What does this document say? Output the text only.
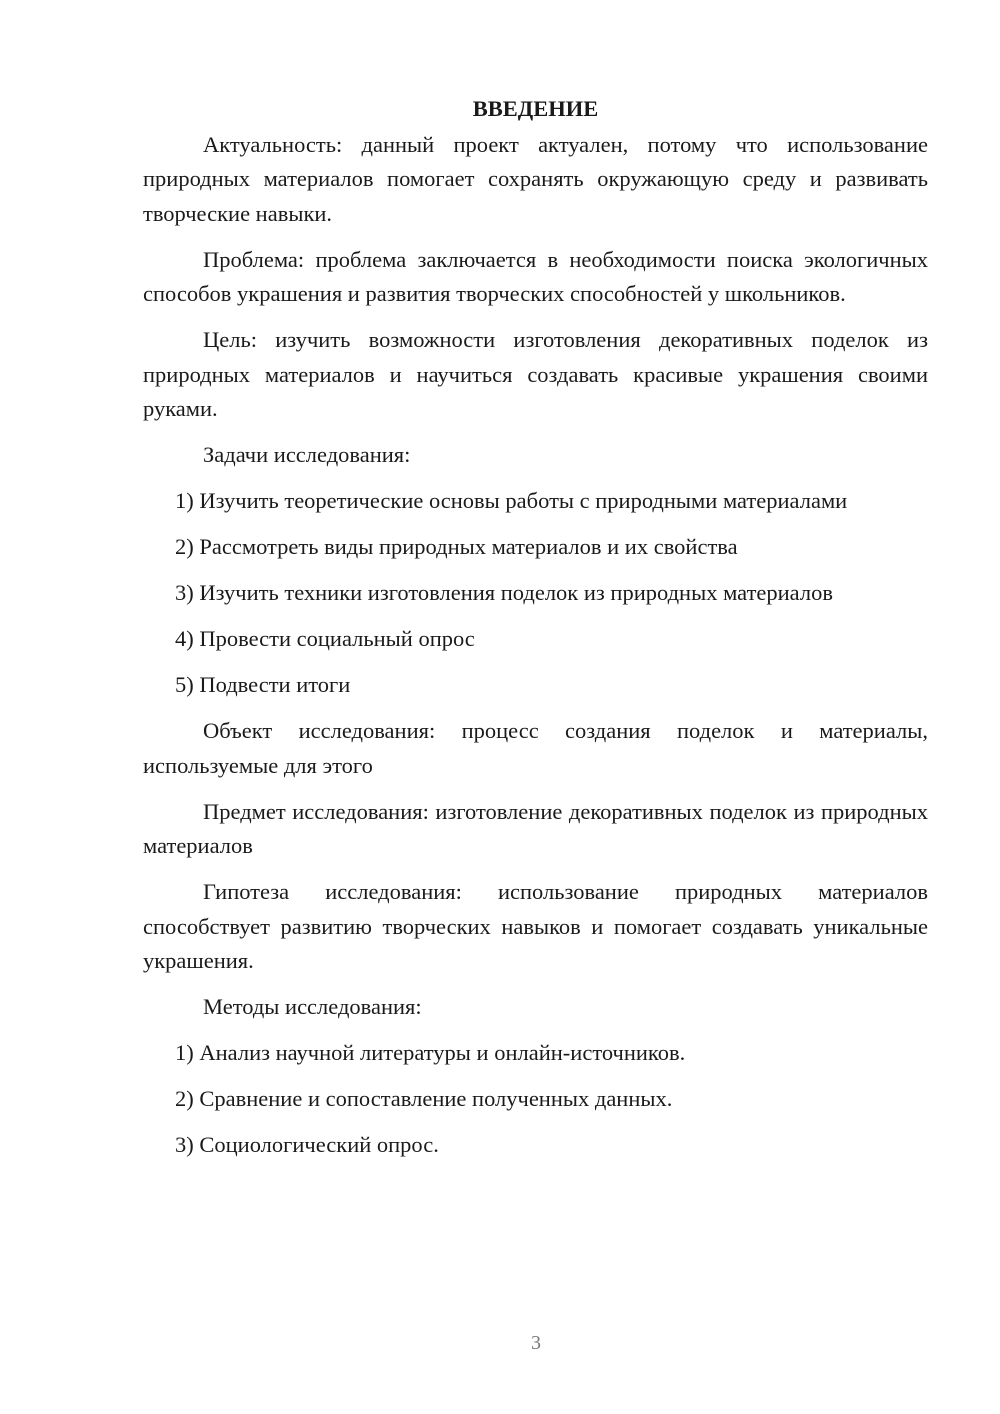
ВВЕДЕНИЕ

Актуальность: данный проект актуален, потому что использование природных материалов помогает сохранять окружающую среду и развивать творческие навыки.

Проблема: проблема заключается в необходимости поиска экологичных способов украшения и развития творческих способностей у школьников.

Цель: изучить возможности изготовления декоративных поделок из природных материалов и научиться создавать красивые украшения своими руками.

Задачи исследования:

1) Изучить теоретические основы работы с природными материалами
2) Рассмотреть виды природных материалов и их свойства
3) Изучить техники изготовления поделок из природных материалов
4) Провести социальный опрос
5) Подвести итоги

Объект исследования: процесс создания поделок и материалы, используемые для этого

Предмет исследования: изготовление декоративных поделок из природных материалов

Гипотеза исследования: использование природных материалов способствует развитию творческих навыков и помогает создавать уникальные украшения.

Методы исследования:

1) Анализ научной литературы и онлайн-источников.
2) Сравнение и сопоставление полученных данных.
3) Социологический опрос.
3
